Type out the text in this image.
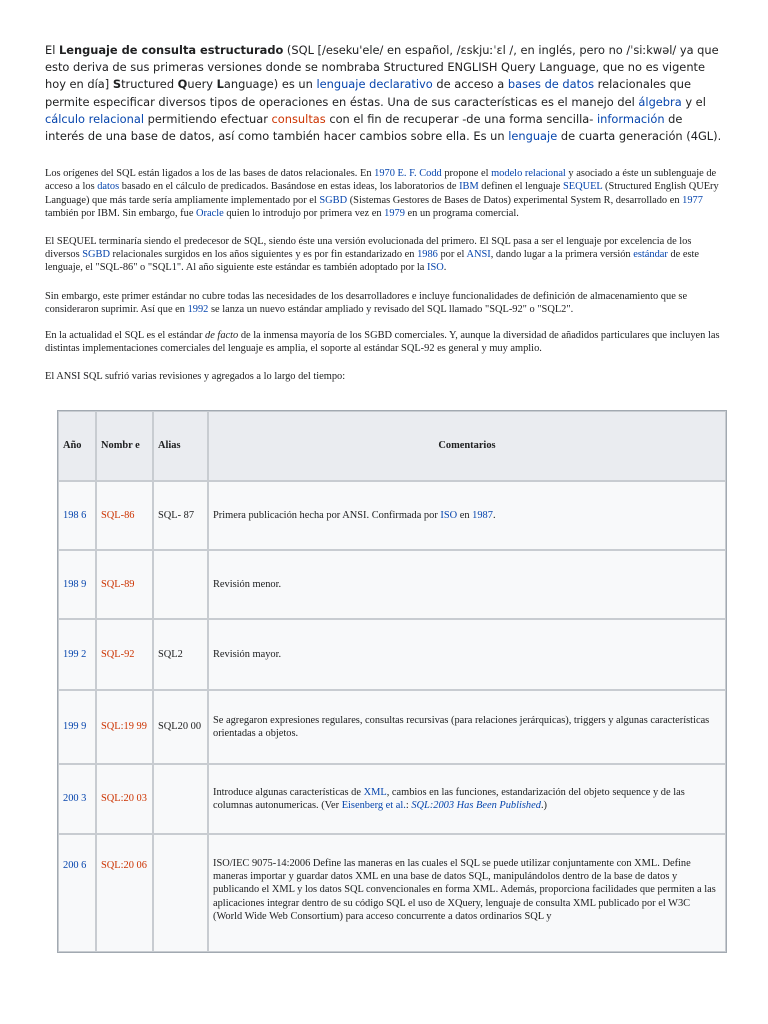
El Lenguaje de consulta estructurado (SQL [/eseku'ele/ en español, /ɛskjuːˈɛl /, en inglés, pero no /ˈsiːkwəl/ ya que esto deriva de sus primeras versiones donde se nombraba Structured ENGLISH Query Language, que no es vigente hoy en día] Structured Query Language) es un lenguaje declarativo de acceso a bases de datos relacionales que permite especificar diversos tipos de operaciones en éstas. Una de sus características es el manejo del álgebra y el cálculo relacional permitiendo efectuar consultas con el fin de recuperar -de una forma sencilla- información de interés de una base de datos, así como también hacer cambios sobre ella. Es un lenguaje de cuarta generación (4GL).

Los orígenes del SQL están ligados a los de las bases de datos relacionales. En 1970 E. F. Codd propone el modelo relacional y asociado a éste un sublenguaje de acceso a los datos basado en el cálculo de predicados. Basándose en estas ideas, los laboratorios de IBM definen el lenguaje SEQUEL (Structured English QUEry Language) que más tarde sería ampliamente implementado por el SGBD (Sistemas Gestores de Bases de Datos) experimental System R, desarrollado en 1977 también por IBM. Sin embargo, fue Oracle quien lo introdujo por primera vez en 1979 en un programa comercial.

El SEQUEL terminaría siendo el predecesor de SQL, siendo éste una versión evolucionada del primero. El SQL pasa a ser el lenguaje por excelencia de los diversos SGBD relacionales surgidos en los años siguientes y es por fin estandarizado en 1986 por el ANSI, dando lugar a la primera versión estándar de este lenguaje, el "SQL-86" o "SQL1". Al año siguiente este estándar es también adoptado por la ISO.

Sin embargo, este primer estándar no cubre todas las necesidades de los desarrolladores e incluye funcionalidades de definición de almacenamiento que se consideraron suprimir. Así que en 1992 se lanza un nuevo estándar ampliado y revisado del SQL llamado "SQL-92" o "SQL2".

En la actualidad el SQL es el estándar de facto de la inmensa mayoría de los SGBD comerciales. Y, aunque la diversidad de añadidos particulares que incluyen las distintas implementaciones comerciales del lenguaje es amplia, el soporte al estándar SQL-92 es general y muy amplio.

El ANSI SQL sufrió varias revisiones y agregados a lo largo del tiempo:

Año	Nombr e	Alias	Comentarios
198 6	SQL-86	SQL- 87	Primera publicación hecha por ANSI. Confirmada por ISO en 1987.
198 9	SQL-89		Revisión menor.
199 2	SQL-92	SQL2	Revisión mayor.
199 9	SQL:19 99	SQL20 00	Se agregaron expresiones regulares, consultas recursivas (para relaciones jerárquicas), triggers y algunas características orientadas a objetos.
200 3	SQL:20 03		Introduce algunas características de XML, cambios en las funciones, estandarización del objeto sequence y de las columnas autonumericas. (Ver Eisenberg et al.: SQL:2003 Has Been Published.)
200 6	SQL:20 06		ISO/IEC 9075-14:2006 Define las maneras en las cuales el SQL se puede utilizar conjuntamente con XML. Define maneras importar y guardar datos XML en una base de datos SQL, manipulándolos dentro de la base de datos y publicando el XML y los datos SQL convencionales en forma XML. Además, proporciona facilidades que permiten a las aplicaciones integrar dentro de su código SQL el uso de XQuery, lenguaje de consulta XML publicado por el W3C (World Wide Web Consortium) para acceso concurrente a datos ordinarios SQL y
